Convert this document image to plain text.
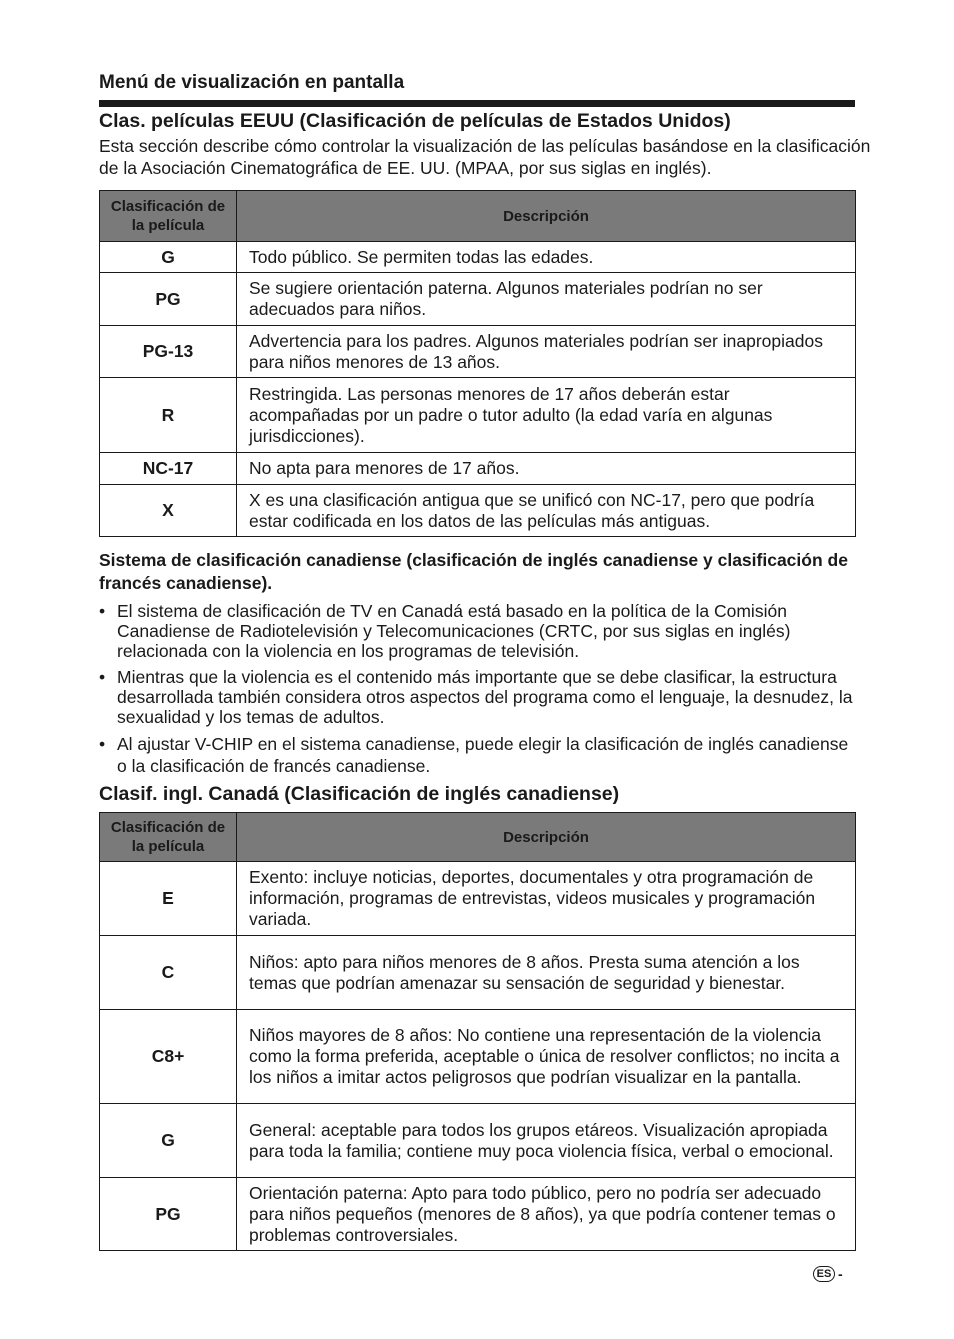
Menú de visualización en pantalla
Clas. películas EEUU (Clasificación de películas de Estados Unidos)
Esta sección describe cómo controlar la visualización de las películas basándose en la clasificación de la Asociación Cinematográfica de EE. UU. (MPAA, por sus siglas en inglés).
Clasificación de la película	Descripción
G	Todo público. Se permiten todas las edades.
PG	Se sugiere orientación paterna. Algunos materiales podrían no ser adecuados para niños.
PG-13	Advertencia para los padres. Algunos materiales podrían ser inapropiados para niños menores de 13 años.
R	Restringida. Las personas menores de 17 años deberán estar acompañadas por un padre o tutor adulto (la edad varía en algunas jurisdicciones).
NC-17	No apta para menores de 17 años.
X	X es una clasificación antigua que se unificó con NC-17, pero que podría estar codificada en los datos de las películas más antiguas.
Sistema de clasificación canadiense (clasificación de inglés canadiense y clasificación de francés canadiense).
• El sistema de clasificación de TV en Canadá está basado en la política de la Comisión Canadiense de Radiotelevisión y Telecomunicaciones (CRTC, por sus siglas en inglés) relacionada con la violencia en los programas de televisión.
• Mientras que la violencia es el contenido más importante que se debe clasificar, la estructura desarrollada también considera otros aspectos del programa como el lenguaje, la desnudez, la sexualidad y los temas de adultos.
• Al ajustar V-CHIP en el sistema canadiense, puede elegir la clasificación de inglés canadiense o la clasificación de francés canadiense.
Clasif. ingl. Canadá (Clasificación de inglés canadiense)
Clasificación de la película	Descripción
E	Exento: incluye noticias, deportes, documentales y otra programación de información, programas de entrevistas, videos musicales y programación variada.
C	Niños: apto para niños menores de 8 años. Presta suma atención a los temas que podrían amenazar su sensación de seguridad y bienestar.
C8+	Niños mayores de 8 años: No contiene una representación de la violencia como la forma preferida, aceptable o única de resolver conflictos; no incita a los niños a imitar actos peligrosos que podrían visualizar en la pantalla.
G	General: aceptable para todos los grupos etáreos. Visualización apropiada para toda la familia; contiene muy poca violencia física, verbal o emocional.
PG	Orientación paterna: Apto para todo público, pero no podría ser adecuado para niños pequeños (menores de 8 años), ya que podría contener temas o problemas controversiales.
ES -
